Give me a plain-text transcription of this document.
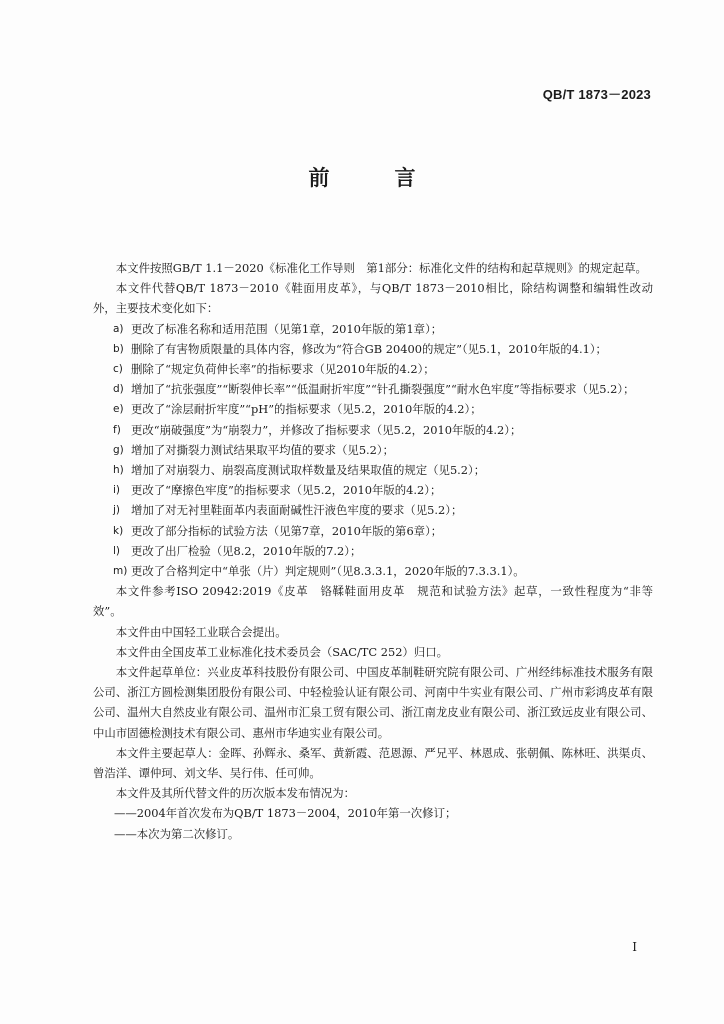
QB/T 1873－2023
前　言

本文件按照GB/T 1.1－2020《标准化工作导则　第1部分：标准化文件的结构和起草规则》的规定起草。

本文件代替QB/T 1873－2010《鞋面用皮革》，与QB/T 1873－2010相比，除结构调整和编辑性改动外，主要技术变化如下：

a) 更改了标准名称和适用范围（见第1章，2010年版的第1章）；
b) 删除了有害物质限量的具体内容，修改为“符合GB 20400的规定”（见5.1，2010年版的4.1）；
c) 删除了“规定负荷伸长率”的指标要求（见2010年版的4.2）；
d) 增加了“抗张强度”“断裂伸长率”“低温耐折牢度”“针孔撕裂强度”“耐水色牢度”等指标要求（见5.2）；
e) 更改了“涂层耐折牢度”“pH”的指标要求（见5.2，2010年版的4.2）；
f) 更改“崩破强度”为“崩裂力”，并修改了指标要求（见5.2，2010年版的4.2）；
g) 增加了对撕裂力测试结果取平均值的要求（见5.2）；
h) 增加了对崩裂力、崩裂高度测试取样数量及结果取值的规定（见5.2）；
i) 更改了“摩擦色牢度”的指标要求（见5.2，2010年版的4.2）；
j) 增加了对无衬里鞋面革内表面耐碱性汗液色牢度的要求（见5.2）；
k) 更改了部分指标的试验方法（见第7章，2010年版的第6章）；
l) 更改了出厂检验（见8.2，2010年版的7.2）；
m) 更改了合格判定中“单张（片）判定规则”（见8.3.3.1，2020年版的7.3.3.1）。

本文件参考ISO 20942:2019《皮革　铬鞣鞋面用皮革　规范和试验方法》起草，一致性程度为“非等效”。

本文件由中国轻工业联合会提出。

本文件由全国皮革工业标准化技术委员会（SAC/TC 252）归口。

本文件起草单位：兴业皮革科技股份有限公司、中国皮革制鞋研究院有限公司、广州经纬标准技术服务有限公司、浙江方圆检测集团股份有限公司、中轻检验认证有限公司、河南中牛实业有限公司、广州市彩鸿皮革有限公司、温州大自然皮业有限公司、温州市汇泉工贸有限公司、浙江南龙皮业有限公司、浙江致远皮业有限公司、中山市固德检测技术有限公司、惠州市华迪实业有限公司。

本文件主要起草人：金晖、孙辉永、桑军、黄新霞、范恩源、严兄平、林恩成、张朝佩、陈林旺、洪渠贞、曾浩洋、谭仲珂、刘文华、吴行伟、任可帅。

本文件及其所代替文件的历次版本发布情况为：

——2004年首次发布为QB/T 1873－2004，2010年第一次修订；

——本次为第二次修订。

I
